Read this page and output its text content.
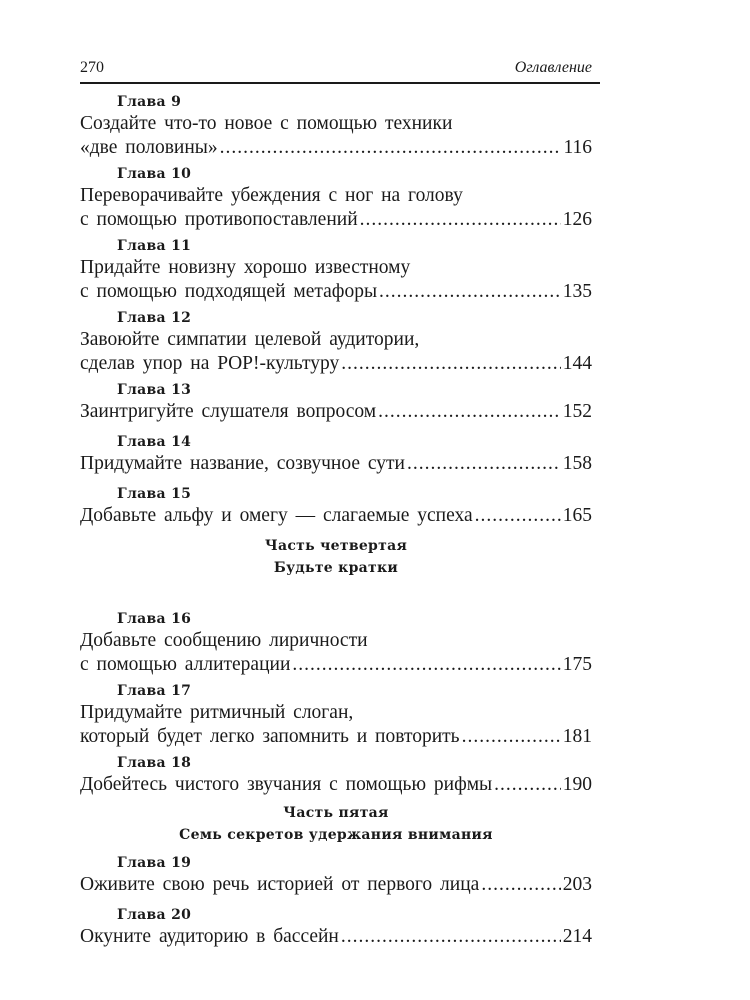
270	Оглавление
Глава 9
Создайте что-то новое с помощью техники
«две половины» .....	116
Глава 10
Переворачивайте убеждения с ног на голову
с помощью противопоставлений .....	126
Глава 11
Придайте новизну хорошо известному
с помощью подходящей метафоры .....	135
Глава 12
Завоюйте симпатии целевой аудитории,
сделав упор на POP!-культуру .....	144
Глава 13
Заинтригуйте слушателя вопросом .....	152
Глава 14
Придумайте название, созвучное сути .....	158
Глава 15
Добавьте альфу и омегу — слагаемые успеха .....	165
Часть четвертая
Будьте кратки
Глава 16
Добавьте сообщению лиричности
с помощью аллитерации .....	175
Глава 17
Придумайте ритмичный слоган,
который будет легко запомнить и повторить .....	181
Глава 18
Добейтесь чистого звучания с помощью рифмы .....	190
Часть пятая
Семь секретов удержания внимания
Глава 19
Оживите свою речь историей от первого лица .....	203
Глава 20
Окуните аудиторию в бассейн .....	214
